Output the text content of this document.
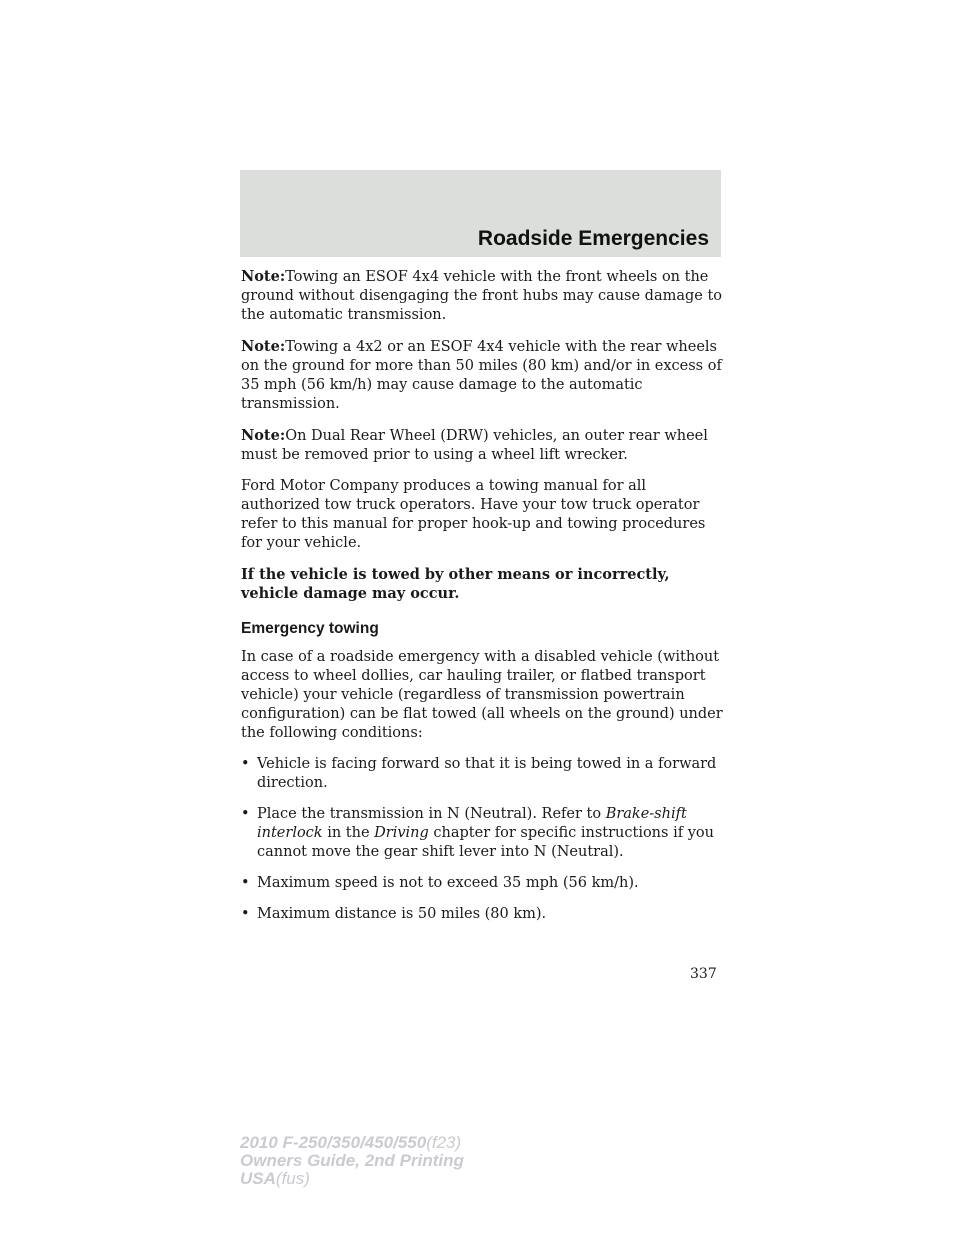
Roadside Emergencies

Note:Towing an ESOF 4x4 vehicle with the front wheels on the ground without disengaging the front hubs may cause damage to the automatic transmission.

Note:Towing a 4x2 or an ESOF 4x4 vehicle with the rear wheels on the ground for more than 50 miles (80 km) and/or in excess of 35 mph (56 km/h) may cause damage to the automatic transmission.

Note:On Dual Rear Wheel (DRW) vehicles, an outer rear wheel must be removed prior to using a wheel lift wrecker.

Ford Motor Company produces a towing manual for all authorized tow truck operators. Have your tow truck operator refer to this manual for proper hook-up and towing procedures for your vehicle.

If the vehicle is towed by other means or incorrectly, vehicle damage may occur.

Emergency towing

In case of a roadside emergency with a disabled vehicle (without access to wheel dollies, car hauling trailer, or flatbed transport vehicle) your vehicle (regardless of transmission powertrain configuration) can be flat towed (all wheels on the ground) under the following conditions:

• Vehicle is facing forward so that it is being towed in a forward direction.
• Place the transmission in N (Neutral). Refer to Brake-shift interlock in the Driving chapter for specific instructions if you cannot move the gear shift lever into N (Neutral).
• Maximum speed is not to exceed 35 mph (56 km/h).
• Maximum distance is 50 miles (80 km).
337
2010 F-250/350/450/550(f23)
Owners Guide, 2nd Printing
USA(fus)
